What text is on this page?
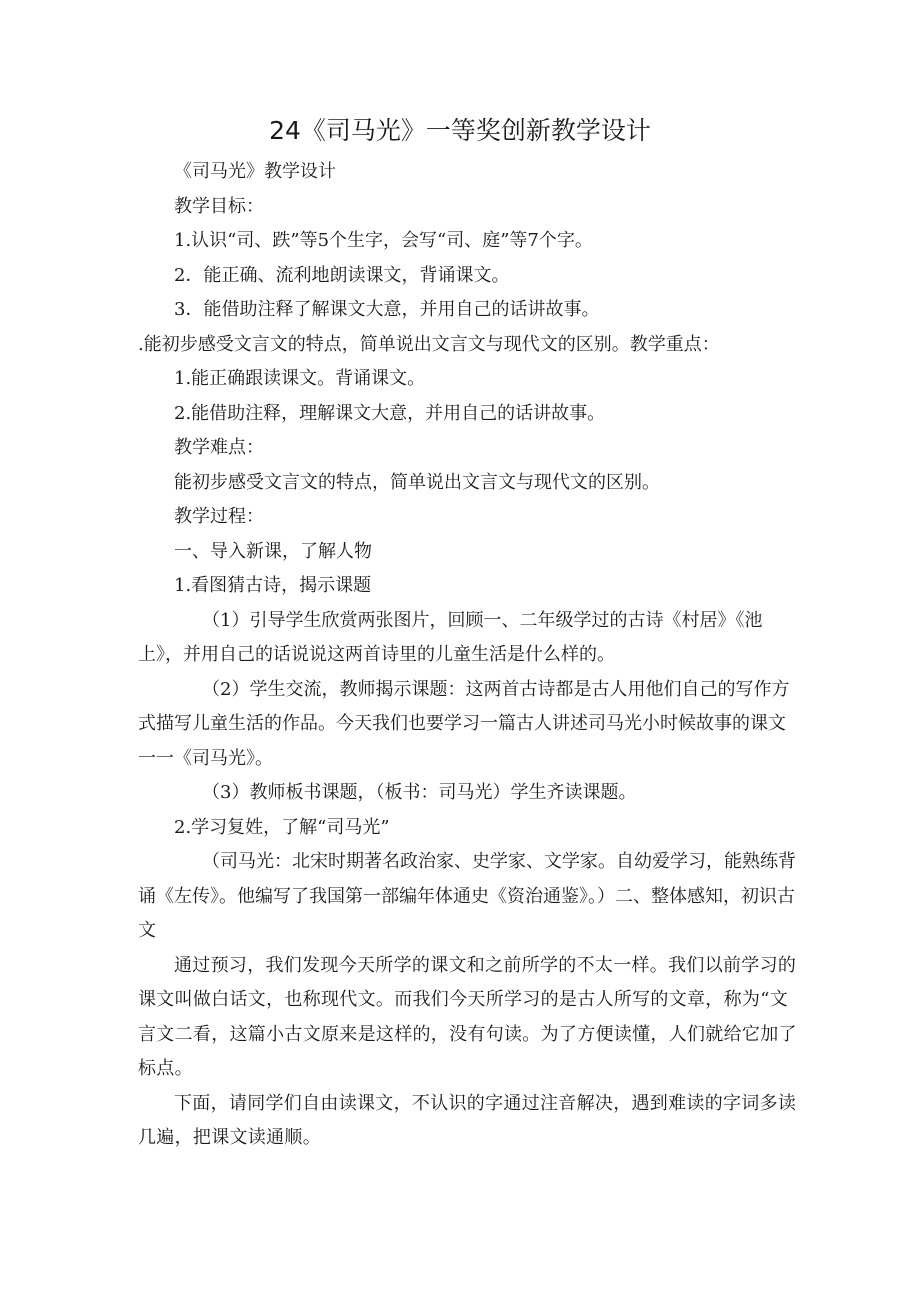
24《司马光》一等奖创新教学设计

《司马光》教学设计

教学目标：

1.认识“司、跌”等5个生字，会写“司、庭”等7个字。

2．能正确、流利地朗读课文，背诵课文。

3．能借助注释了解课文大意，并用自己的话讲故事。

.能初步感受文言文的特点，简单说出文言文与现代文的区别。教学重点：

1.能正确跟读课文。背诵课文。

2.能借助注释，理解课文大意，并用自己的话讲故事。

教学难点：

能初步感受文言文的特点，简单说出文言文与现代文的区别。

教学过程：

一、导入新课，了解人物

1.看图猜古诗，揭示课题

（1）引导学生欣赏两张图片，回顾一、二年级学过的古诗《村居》《池上》，并用自己的话说说这两首诗里的儿童生活是什么样的。

（2）学生交流，教师揭示课题：这两首古诗都是古人用他们自己的写作方式描写儿童生活的作品。今天我们也要学习一篇古人讲述司马光小时候故事的课文一一《司马光》。

（3）教师板书课题，（板书：司马光）学生齐读课题。

2.学习复姓，了解“司马光”

（司马光：北宋时期著名政治家、史学家、文学家。自幼爱学习，能熟练背诵《左传》。他编写了我国第一部编年体通史《资治通鉴》。）二、整体感知，初识古文

通过预习，我们发现今天所学的课文和之前所学的不太一样。我们以前学习的课文叫做白话文，也称现代文。而我们今天所学习的是古人所写的文章，称为“文言文二看，这篇小古文原来是这样的，没有句读。为了方便读懂，人们就给它加了标点。

下面，请同学们自由读课文，不认识的字通过注音解决，遇到难读的字词多读几遍，把课文读通顺。
